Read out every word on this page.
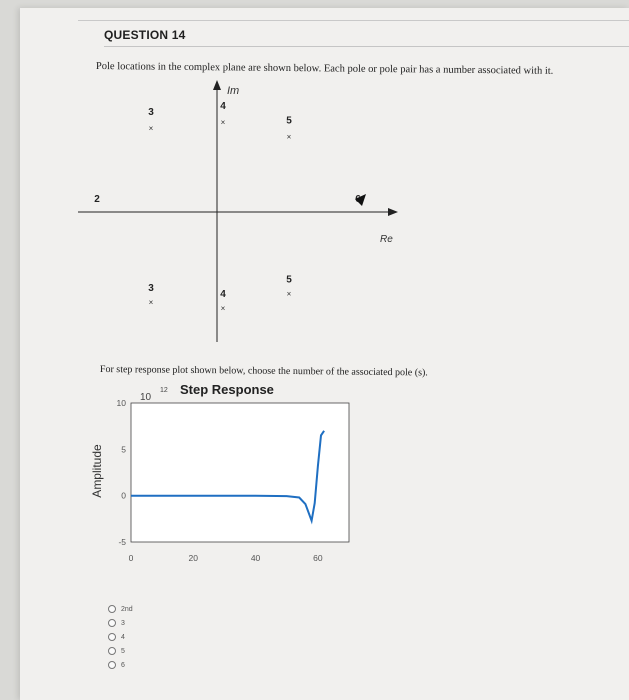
QUESTION 14
Pole locations in the complex plane are shown below. Each pole or pole pair has a number associated with it.
For step response plot shown below, choose the number of the associated pole (s).
2nd
3
4
5
6
Im
Re
3
×
3
×
4
×
4
×
5
×
5
×
2
10
12 Step Response
Amplitude
0	20	40	60
-5
0
5
10
